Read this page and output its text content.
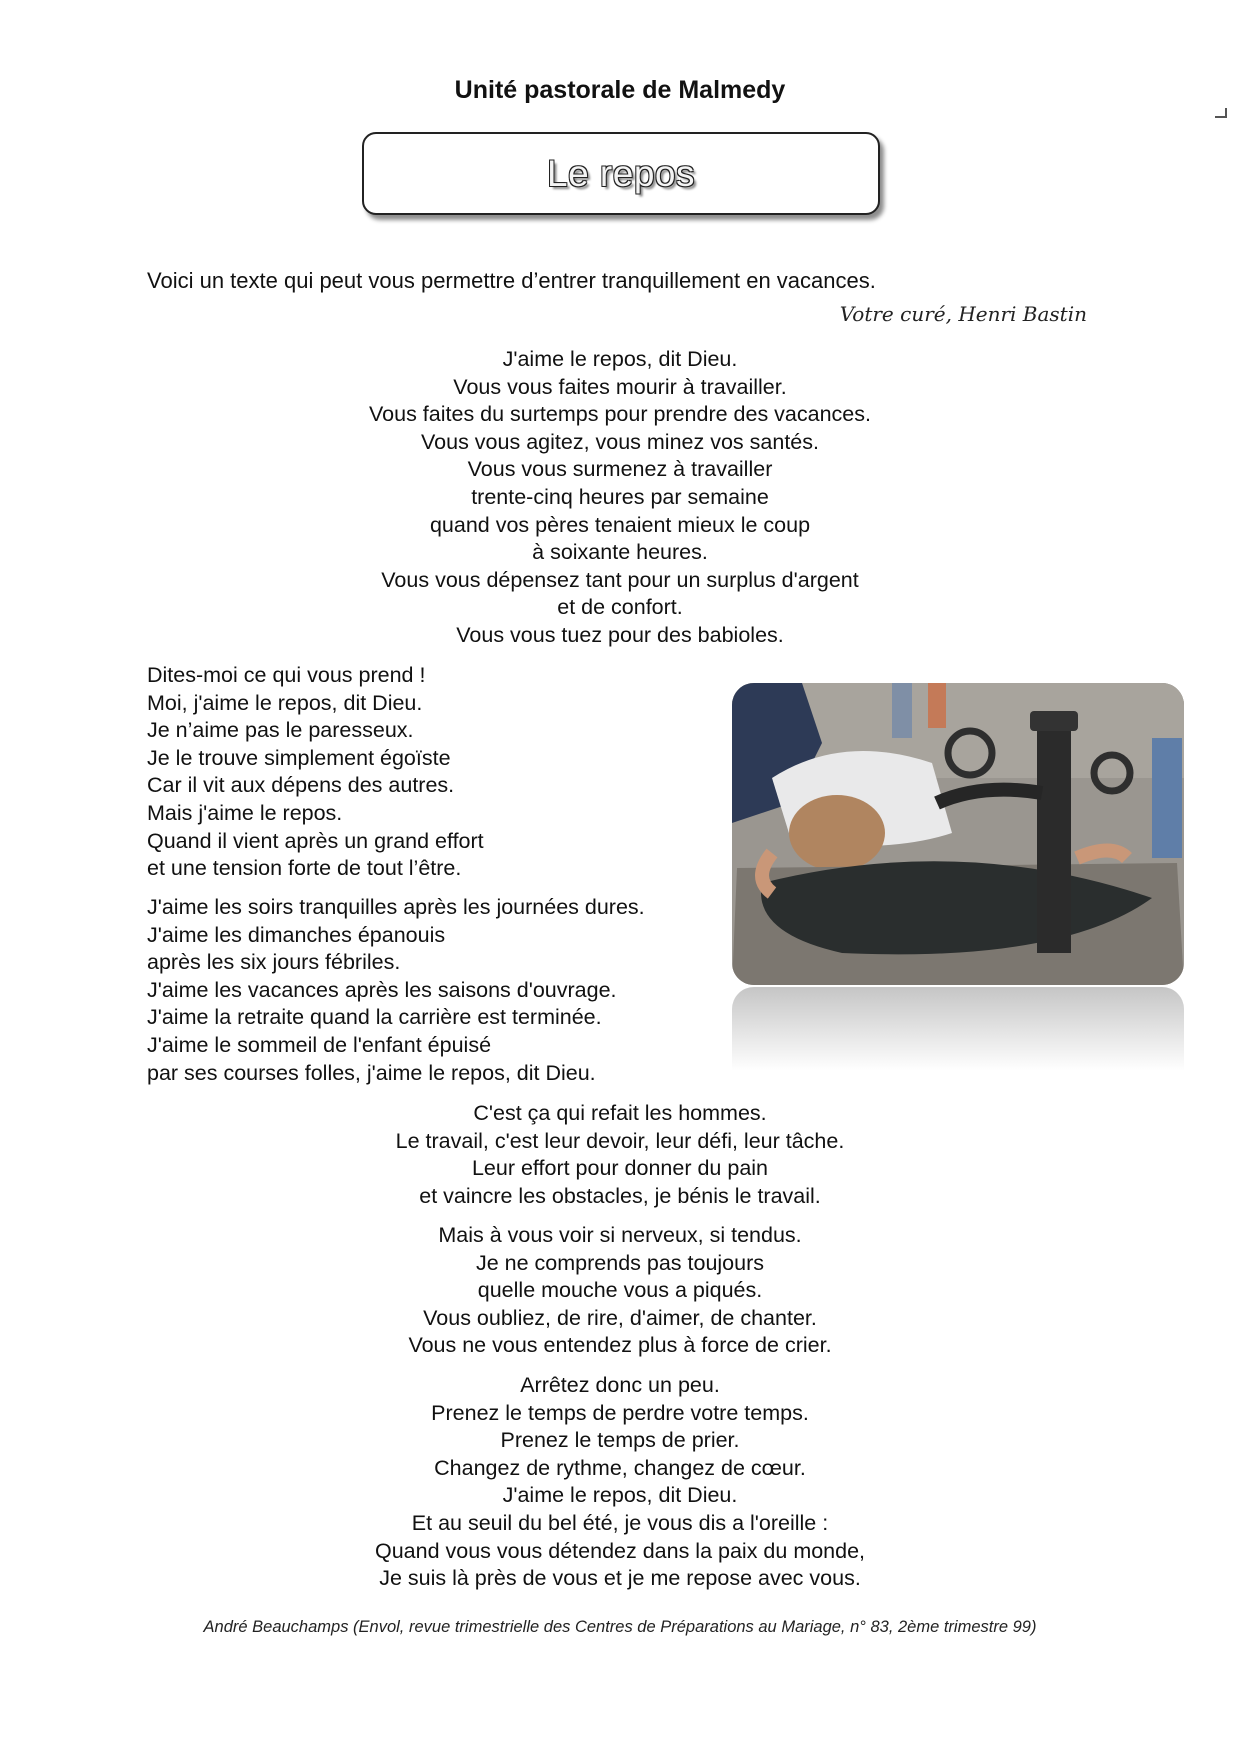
Unité pastorale de Malmedy
Le repos
Voici un texte qui peut vous permettre d’entrer tranquillement en vacances.
Votre curé, Henri Bastin
J'aime le repos, dit Dieu.
Vous vous faites mourir à travailler.
Vous faites du surtemps pour prendre des vacances.
Vous vous agitez, vous minez vos santés.
Vous vous surmenez à travailler
trente-cinq heures par semaine
quand vos pères tenaient mieux le coup
à soixante heures.
Vous vous dépensez tant pour un surplus d'argent
et de confort.
Vous vous tuez pour des babioles.
Dites-moi ce qui vous prend !
Moi, j'aime le repos, dit Dieu.
Je n’aime pas le paresseux.
Je le trouve simplement égoïste
Car il vit aux dépens des autres.
Mais j'aime le repos.
Quand il vient après un grand effort
et une tension forte de tout l’être.
J'aime les soirs tranquilles après les journées dures.
J'aime les dimanches épanouis
après les six jours fébriles.
J'aime les vacances après les saisons d'ouvrage.
J'aime la retraite quand la carrière est terminée.
J'aime le sommeil de l'enfant épuisé
par ses courses folles, j'aime le repos, dit Dieu.
C'est ça qui refait les hommes.
Le travail, c'est leur devoir, leur défi, leur tâche.
Leur effort pour donner du pain
et vaincre les obstacles, je bénis le travail.
Mais à vous voir si nerveux, si tendus.
Je ne comprends pas toujours
quelle mouche vous a piqués.
Vous oubliez, de rire, d'aimer, de chanter.
Vous ne vous entendez plus à force de crier.
Arrêtez donc un peu.
Prenez le temps de perdre votre temps.
Prenez le temps de prier.
Changez de rythme, changez de cœur.
J'aime le repos, dit Dieu.
Et au seuil du bel été, je vous dis a l'oreille :
Quand vous vous détendez dans la paix du monde,
Je suis là près de vous et je me repose avec vous.
André Beauchamps (Envol, revue trimestrielle des Centres de Préparations au Mariage, n° 83, 2ème trimestre 99)
